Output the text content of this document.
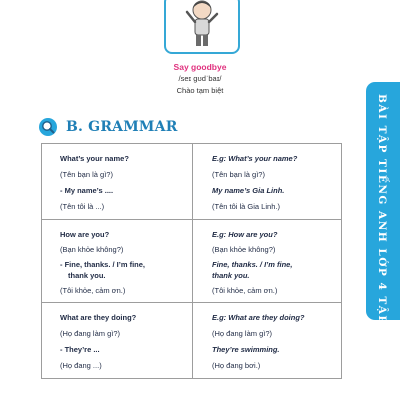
Say goodbye
/seɪ ɡʊdˈbaɪ/
Chào tạm biệt
B. GRAMMAR
What’s your name?
(Tên bạn là gì?)
- My name’s ....
(Tên tôi là ...)
E.g: What’s your name?
(Tên bạn là gì?)
My name’s Gia Linh.
(Tên tôi là Gia Linh.)
How are you?
(Bạn khỏe không?)
- Fine, thanks. / I’m fine,
thank you.
(Tôi khỏe, cảm ơn.)
E.g: How are you?
(Bạn khỏe không?)
Fine, thanks. / I’m fine,
thank you.
(Tôi khỏe, cảm ơn.)
What are they doing?
(Họ đang làm gì?)
- They’re ...
(Họ đang ...)
E.g: What are they doing?
(Họ đang làm gì?)
They’re swimming.
(Họ đang bơi.)
BÀI TẬP TIẾNG ANH LỚP 4 TẬP 1
